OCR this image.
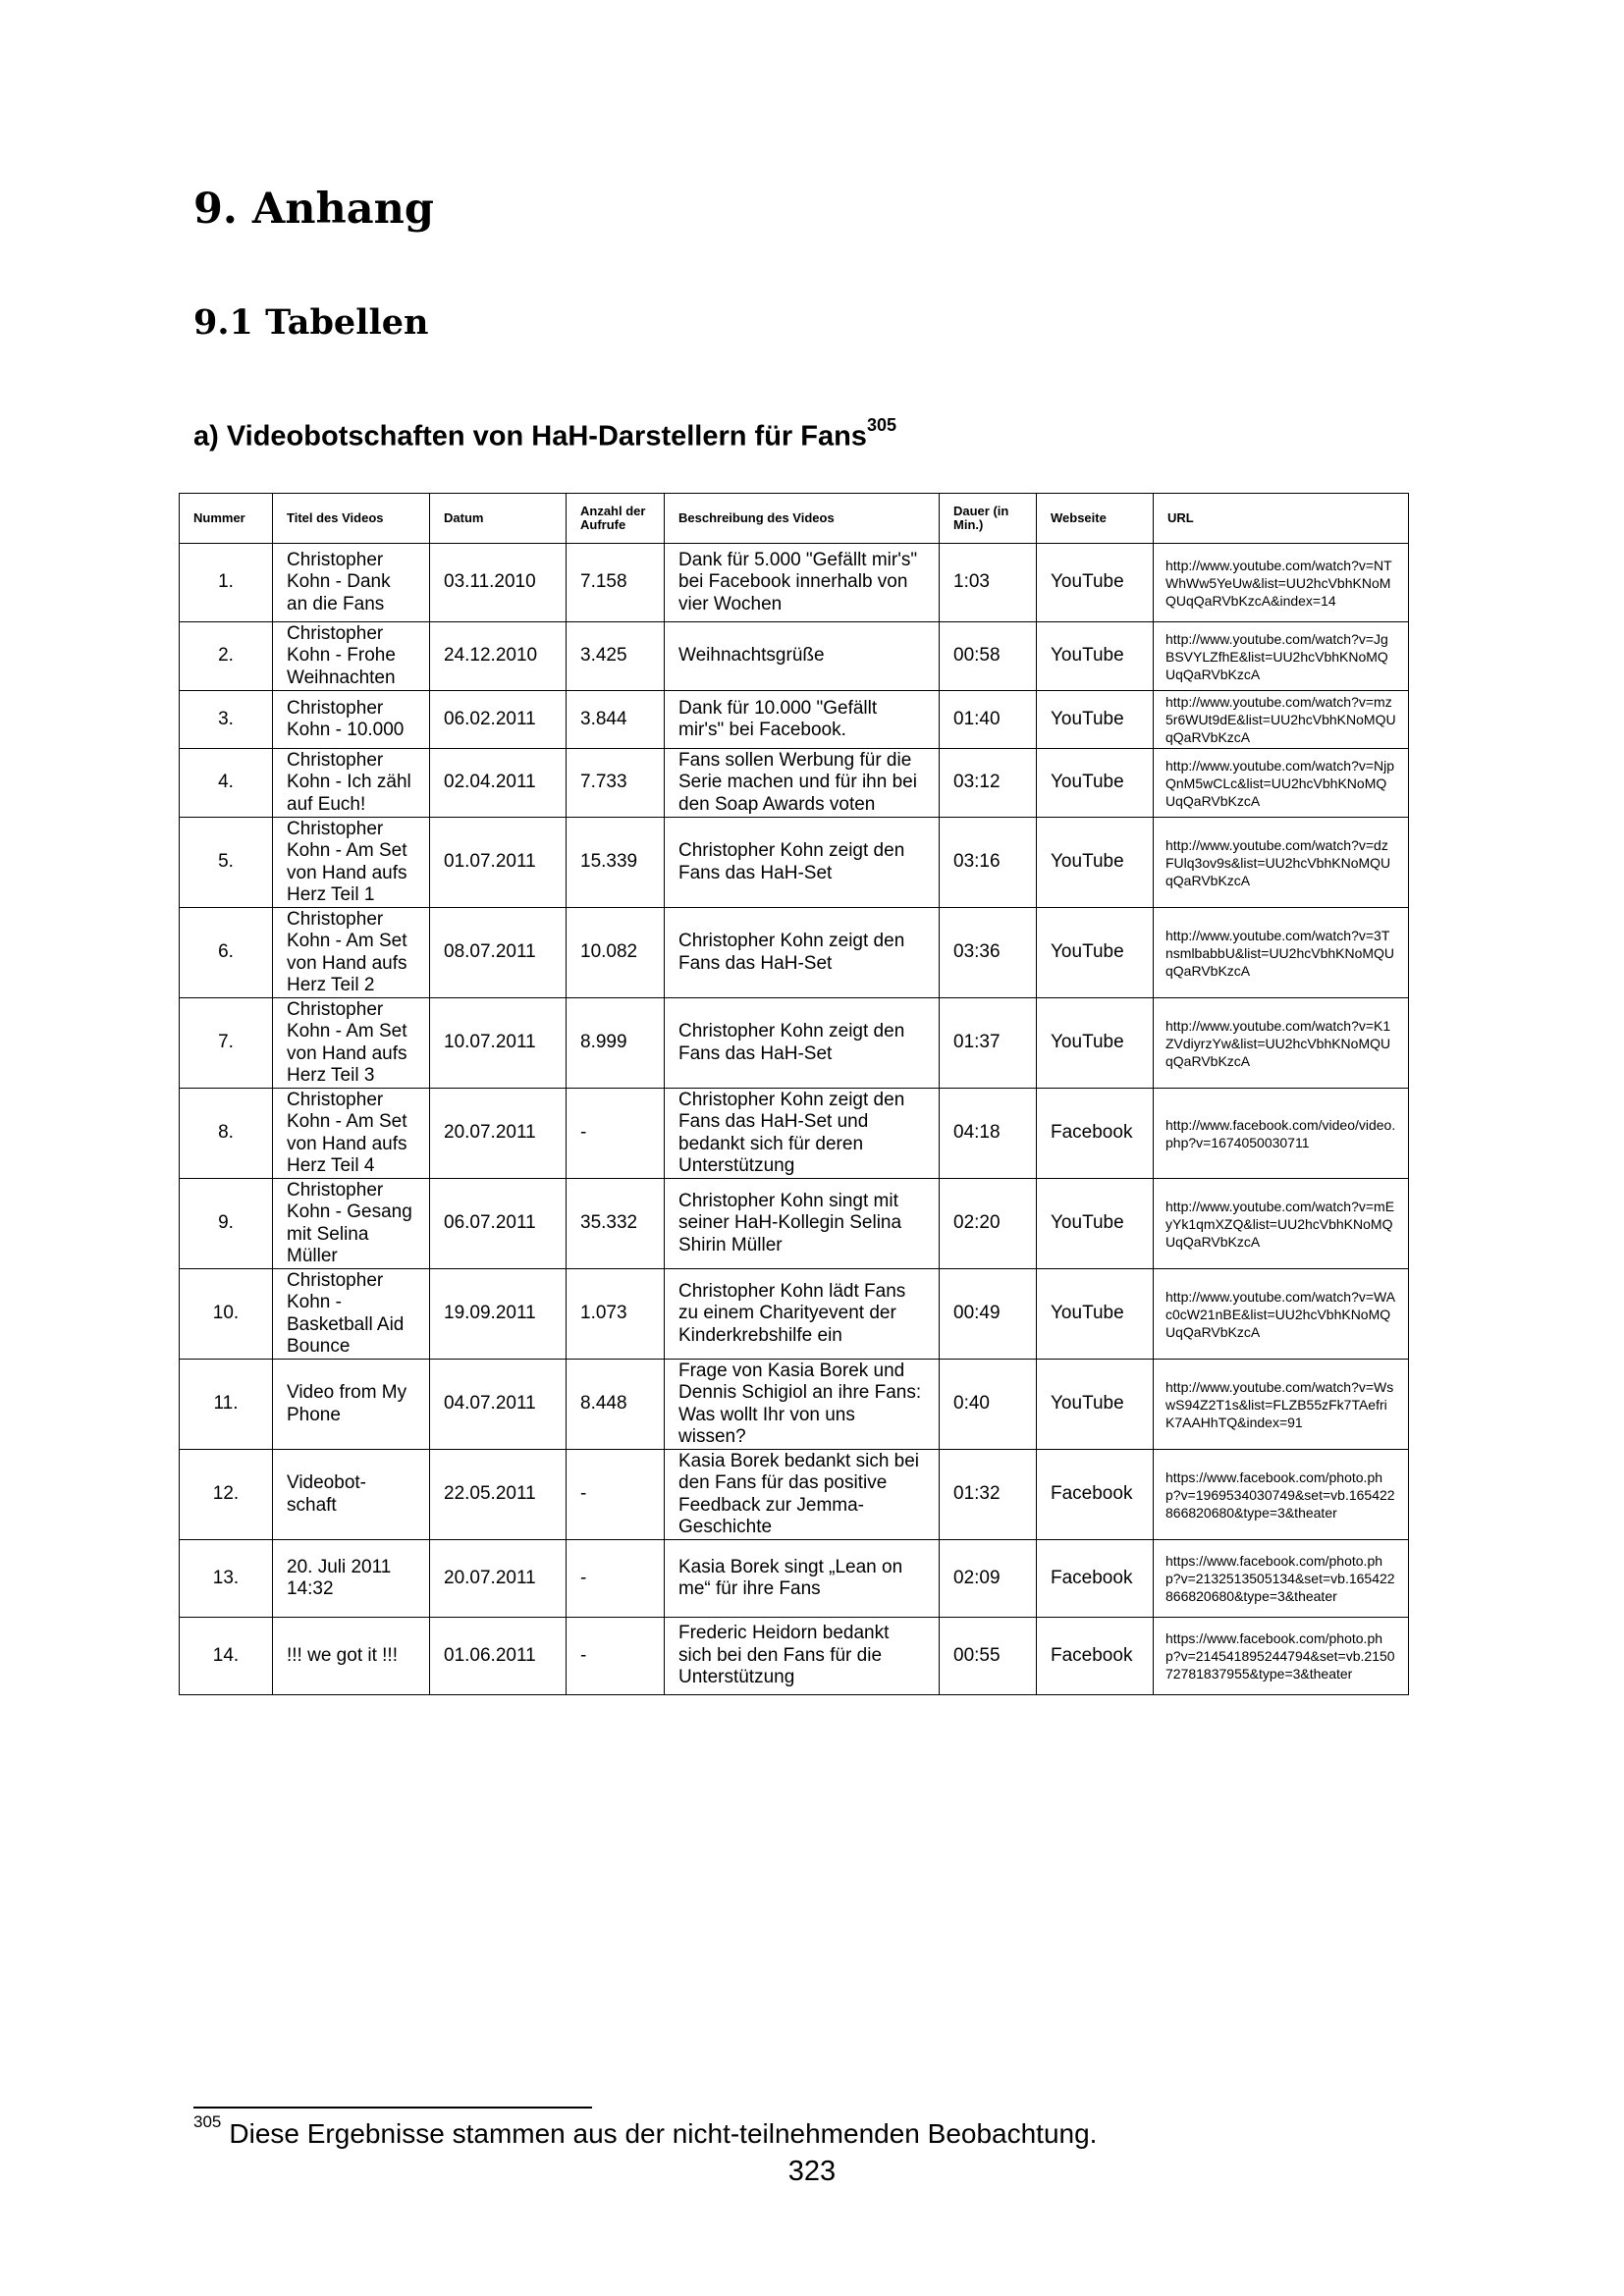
9. Anhang
9.1 Tabellen
a) Videobotschaften von HaH-Darstellern für Fans$^{305}$
Nummer	Titel des Videos	Datum	Anzahl der Aufrufe	Beschreibung des Videos	Dauer (in Min.)	Webseite	URL
1.	Christopher Kohn - Dank an die Fans	03.11.2010	7.158	Dank für 5.000 "Gefällt mir's" bei Facebook innerhalb von vier Wochen	1:03	YouTube	http://www.youtube.com/watch?v=NTWhWw5YeUw&list=UU2hcVbhKNoMQUqQaRVbKzcA&index=14
2.	Christopher Kohn - Frohe Weihnachten	24.12.2010	3.425	Weihnachtsgrüße	00:58	YouTube	http://www.youtube.com/watch?v=JgBSVYLZfhE&list=UU2hcVbhKNoMQUqQaRVbKzcA
3.	Christopher Kohn - 10.000	06.02.2011	3.844	Dank für 10.000 "Gefällt mir's" bei Facebook.	01:40	YouTube	http://www.youtube.com/watch?v=mz5r6WUt9dE&list=UU2hcVbhKNoMQUqQaRVbKzcA
4.	Christopher Kohn - Ich zähl auf Euch!	02.04.2011	7.733	Fans sollen Werbung für die Serie machen und für ihn bei den Soap Awards voten	03:12	YouTube	http://www.youtube.com/watch?v=NjpQnM5wCLc&list=UU2hcVbhKNoMQUqQaRVbKzcA
5.	Christopher Kohn - Am Set von Hand aufs Herz Teil 1	01.07.2011	15.339	Christopher Kohn zeigt den Fans das HaH-Set	03:16	YouTube	http://www.youtube.com/watch?v=dzFUlq3ov9s&list=UU2hcVbhKNoMQUqQaRVbKzcA
6.	Christopher Kohn - Am Set von Hand aufs Herz Teil 2	08.07.2011	10.082	Christopher Kohn zeigt den Fans das HaH-Set	03:36	YouTube	http://www.youtube.com/watch?v=3TnsmlbabbU&list=UU2hcVbhKNoMQUqQaRVbKzcA
7.	Christopher Kohn - Am Set von Hand aufs Herz Teil 3	10.07.2011	8.999	Christopher Kohn zeigt den Fans das HaH-Set	01:37	YouTube	http://www.youtube.com/watch?v=K1ZVdiyrzYw&list=UU2hcVbhKNoMQUqQaRVbKzcA
8.	Christopher Kohn - Am Set von Hand aufs Herz Teil 4	20.07.2011	-	Christopher Kohn zeigt den Fans das HaH-Set und bedankt sich für deren Unterstützung	04:18	Facebook	http://www.facebook.com/video/video.php?v=1674050030711
9.	Christopher Kohn - Gesang mit Selina Müller	06.07.2011	35.332	Christopher Kohn singt mit seiner HaH-Kollegin Selina Shirin Müller	02:20	YouTube	http://www.youtube.com/watch?v=mEyYk1qmXZQ&list=UU2hcVbhKNoMQUqQaRVbKzcA
10.	Christopher Kohn - Basketball Aid Bounce	19.09.2011	1.073	Christopher Kohn lädt Fans zu einem Charityevent der Kinderkrebshilfe ein	00:49	YouTube	http://www.youtube.com/watch?v=WAc0cW21nBE&list=UU2hcVbhKNoMQUqQaRVbKzcA
11.	Video from My Phone	04.07.2011	8.448	Frage von Kasia Borek und Dennis Schigiol an ihre Fans: Was wollt Ihr von uns wissen?	0:40	YouTube	http://www.youtube.com/watch?v=WswS94Z2T1s&list=FLZB55zFk7TAefriK7AAHhTQ&index=91
12.	Videobot-schaft	22.05.2011	-	Kasia Borek bedankt sich bei den Fans für das positive Feedback zur Jemma-Geschichte	01:32	Facebook	https://www.facebook.com/photo.php?v=1969534030749&set=vb.165422866820680&type=3&theater
13.	20. Juli 2011 14:32	20.07.2011	-	Kasia Borek singt „Lean on me“ für ihre Fans	02:09	Facebook	https://www.facebook.com/photo.php?v=2132513505134&set=vb.165422866820680&type=3&theater
14.	!!! we got it !!!	01.06.2011	-	Frederic Heidorn bedankt sich bei den Fans für die Unterstützung	00:55	Facebook	https://www.facebook.com/photo.php?v=214541895244794&set=vb.215072781837955&type=3&theater
$^{305}$ Diese Ergebnisse stammen aus der nicht-teilnehmenden Beobachtung.
323
